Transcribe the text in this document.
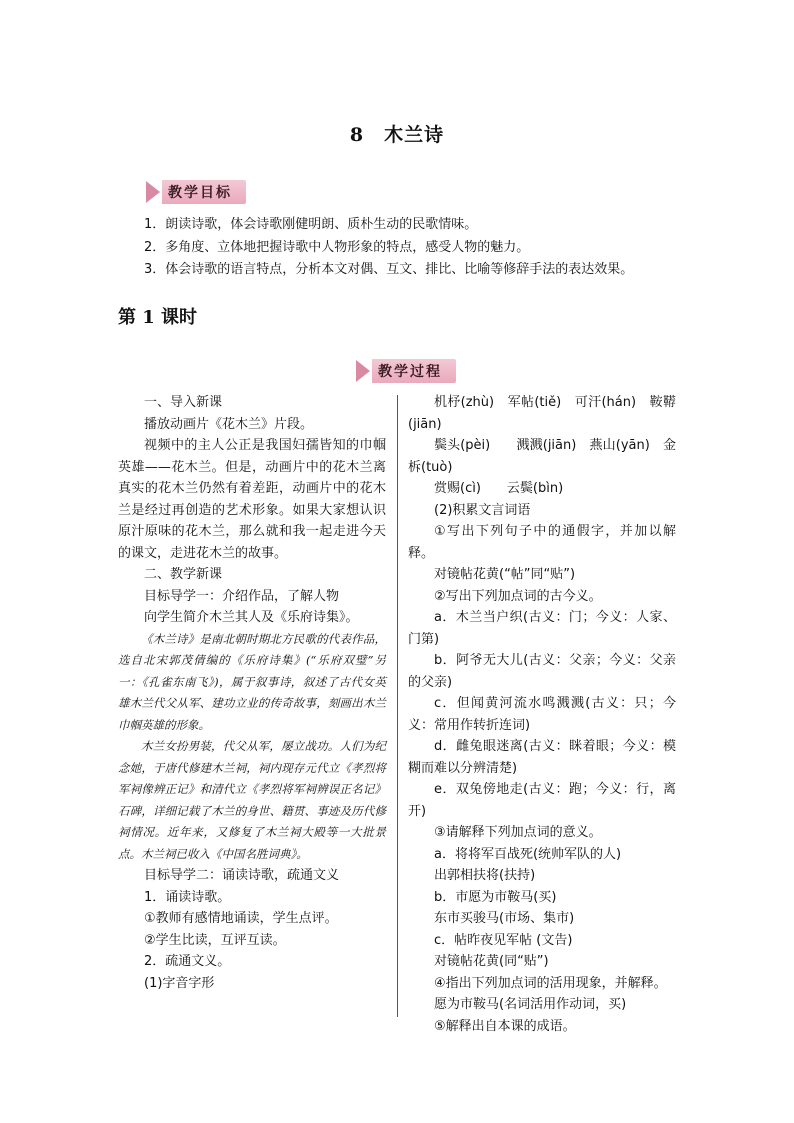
8　木兰诗
教学目标
1．朗读诗歌，体会诗歌刚健明朗、质朴生动的民歌情味。
2．多角度、立体地把握诗歌中人物形象的特点，感受人物的魅力。
3．体会诗歌的语言特点，分析本文对偶、互文、排比、比喻等修辞手法的表达效果。
第 1 课时
教学过程

一、导入新课

播放动画片《花木兰》片段。

视频中的主人公正是我国妇孺皆知的巾帼英雄——花木兰。但是，动画片中的花木兰离真实的花木兰仍然有着差距，动画片中的花木兰是经过再创造的艺术形象。如果大家想认识原汁原味的花木兰，那么就和我一起走进今天的课文，走进花木兰的故事。

二、教学新课

目标导学一：介绍作品，了解人物

向学生简介木兰其人及《乐府诗集》。

《木兰诗》是南北朝时期北方民歌的代表作品，选自北宋郭茂倩编的《乐府诗集》(“乐府双璧”另一：《孔雀东南飞》)，属于叙事诗，叙述了古代女英雄木兰代父从军、建功立业的传奇故事，刻画出木兰巾帼英雄的形象。

木兰女扮男装，代父从军，屡立战功。人们为纪念她，于唐代修建木兰祠，祠内现存元代立《孝烈将军祠像辨正记》和清代立《孝烈将军祠辨误正名记》石碑，详细记载了木兰的身世、籍贯、事迹及历代修祠情况。近年来，又修复了木兰祠大殿等一大批景点。木兰祠已收入《中国名胜词典》。

目标导学二：诵读诗歌，疏通文义

1．诵读诗歌。

①教师有感情地诵读，学生点评。

②学生比读，互评互读。

2．疏通文义。

(1)字音字形

机杼(zhù)　军帖(tiě)　可汗(hán)　鞍鞯(jiān)

鬓头(pèi)　　溅溅(jiān)　燕山(yān)　金柝(tuò)

赏赐(cì)　　云鬓(bìn)

(2)积累文言词语

①写出下列句子中的通假字，并加以解释。

对镜帖花黄(“帖”同“贴”)

②写出下列加点词的古今义。

a．木兰当户织(古义：门；今义：人家、门第)

b．阿爷无大儿(古义：父亲；今义：父亲的父亲)

c．但闻黄河流水鸣溅溅(古义：只；今义：常用作转折连词)

d．雌兔眼迷离(古义：眯着眼；今义：模糊而难以分辨清楚)

e．双兔傍地走(古义：跑；今义：行，离开)

③请解释下列加点词的意义。

a．将将军百战死(统帅军队的人)

出郭相扶将(扶持)

b．市愿为市鞍马(买)

东市买骏马(市场、集市)

c．帖昨夜见军帖 (文告)

对镜帖花黄(同“贴”)

④指出下列加点词的活用现象，并解释。

愿为市鞍马(名词活用作动词，买)

⑤解释出自本课的成语。
